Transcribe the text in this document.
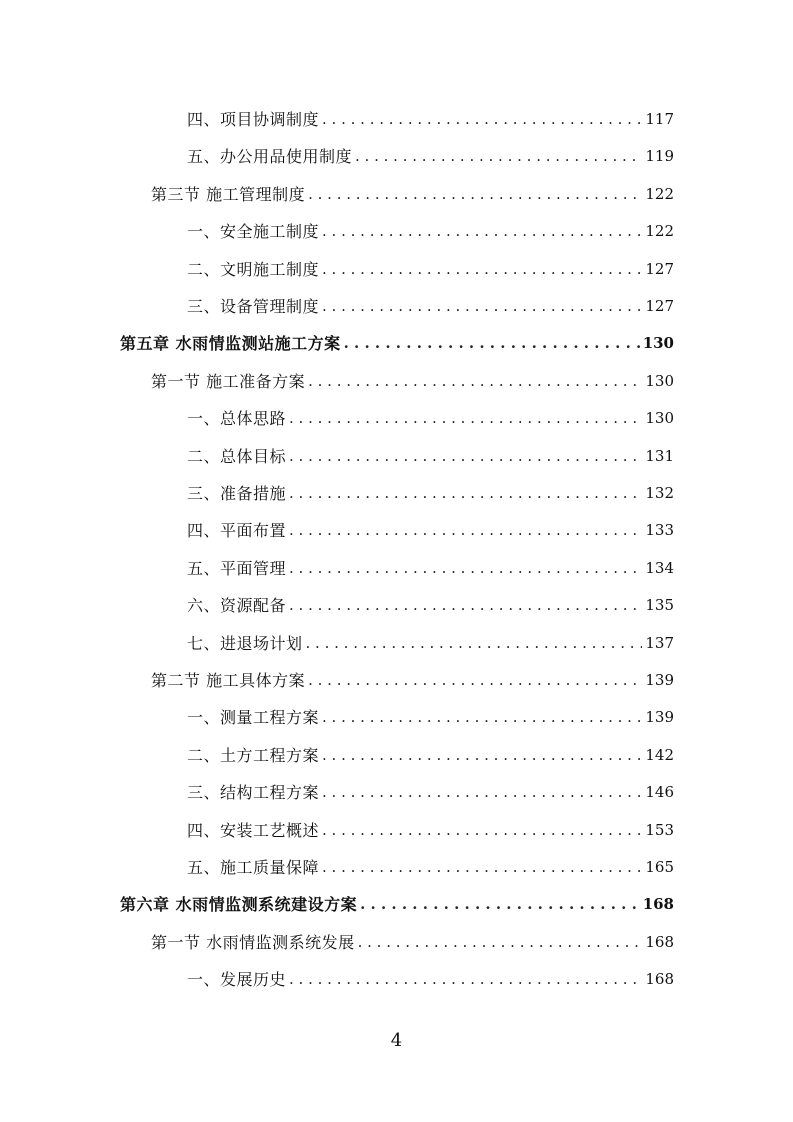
四、项目协调制度 . . .	117
五、办公用品使用制度 . . .	119
第三节 施工管理制度 . . .	122
一、安全施工制度 . . .	122
二、文明施工制度 . . .	127
三、设备管理制度 . . .	127
第五章 水雨情监测站施工方案 . . .	130
第一节 施工准备方案 . . .	130
一、总体思路 . . .	130
二、总体目标 . . .	131
三、准备措施 . . .	132
四、平面布置 . . .	133
五、平面管理 . . .	134
六、资源配备 . . .	135
七、进退场计划 . . .	137
第二节 施工具体方案 . . .	139
一、测量工程方案 . . .	139
二、土方工程方案 . . .	142
三、结构工程方案 . . .	146
四、安装工艺概述 . . .	153
五、施工质量保障 . . .	165
第六章 水雨情监测系统建设方案 . . .	168
第一节 水雨情监测系统发展 . . .	168
一、发展历史 . . .	168
4
